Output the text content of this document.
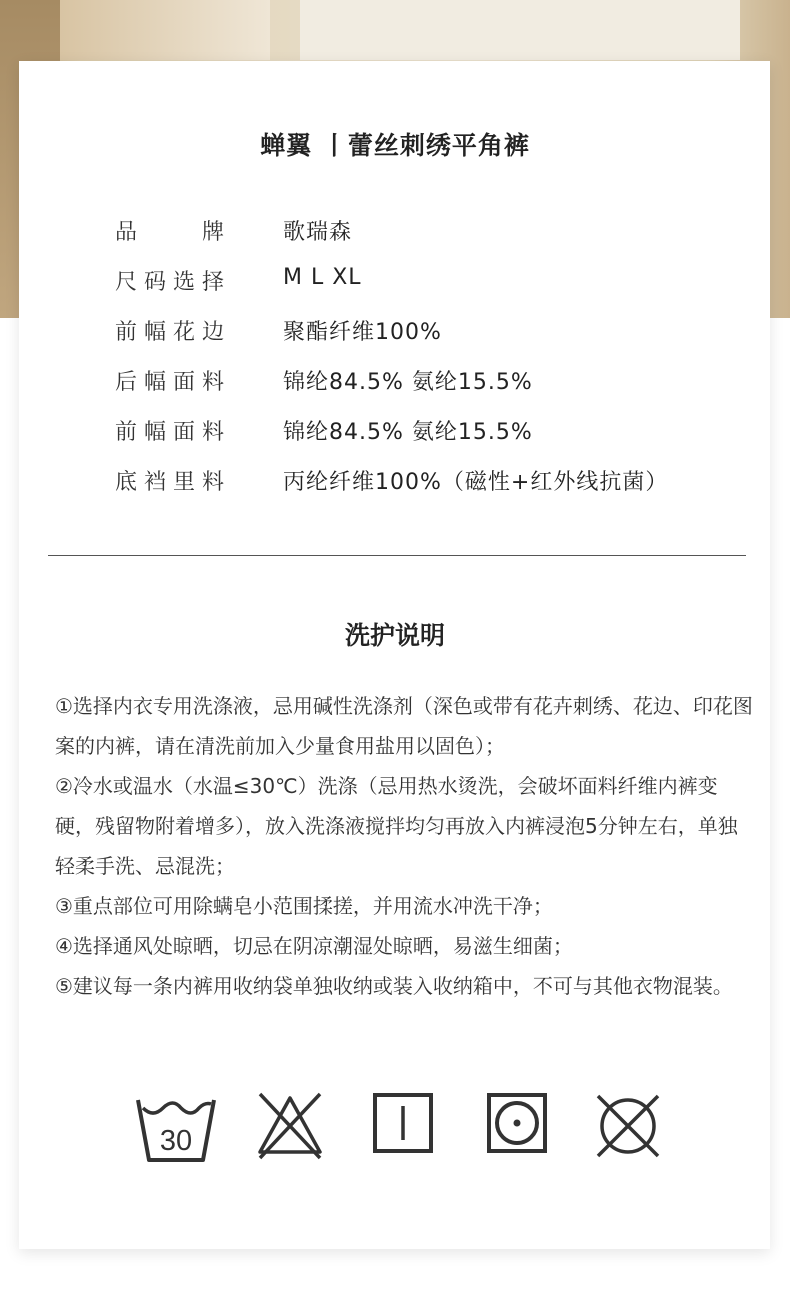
蝉翼 丨蕾丝刺绣平角裤
品牌 歌瑞森
尺码选择 M L XL
前幅花边 聚酯纤维100%
后幅面料 锦纶84.5% 氨纶15.5%
前幅面料 锦纶84.5% 氨纶15.5%
底裆里料 丙纶纤维100%（磁性+红外线抗菌）
洗护说明

①选择内衣专用洗涤液，忌用碱性洗涤剂（深色或带有花卉刺绣、花边、印花图案的内裤，请在清洗前加入少量食用盐用以固色）；

②冷水或温水（水温≤30℃）洗涤（忌用热水烫洗，会破坏面料纤维内裤变硬，残留物附着增多），放入洗涤液搅拌均匀再放入内裤浸泡5分钟左右，单独轻柔手洗、忌混洗；

③重点部位可用除螨皂小范围揉搓，并用流水冲洗干净；

④选择通风处晾晒，切忌在阴凉潮湿处晾晒，易滋生细菌；

⑤建议每一条内裤用收纳袋单独收纳或装入收纳箱中，不可与其他衣物混装。

30
